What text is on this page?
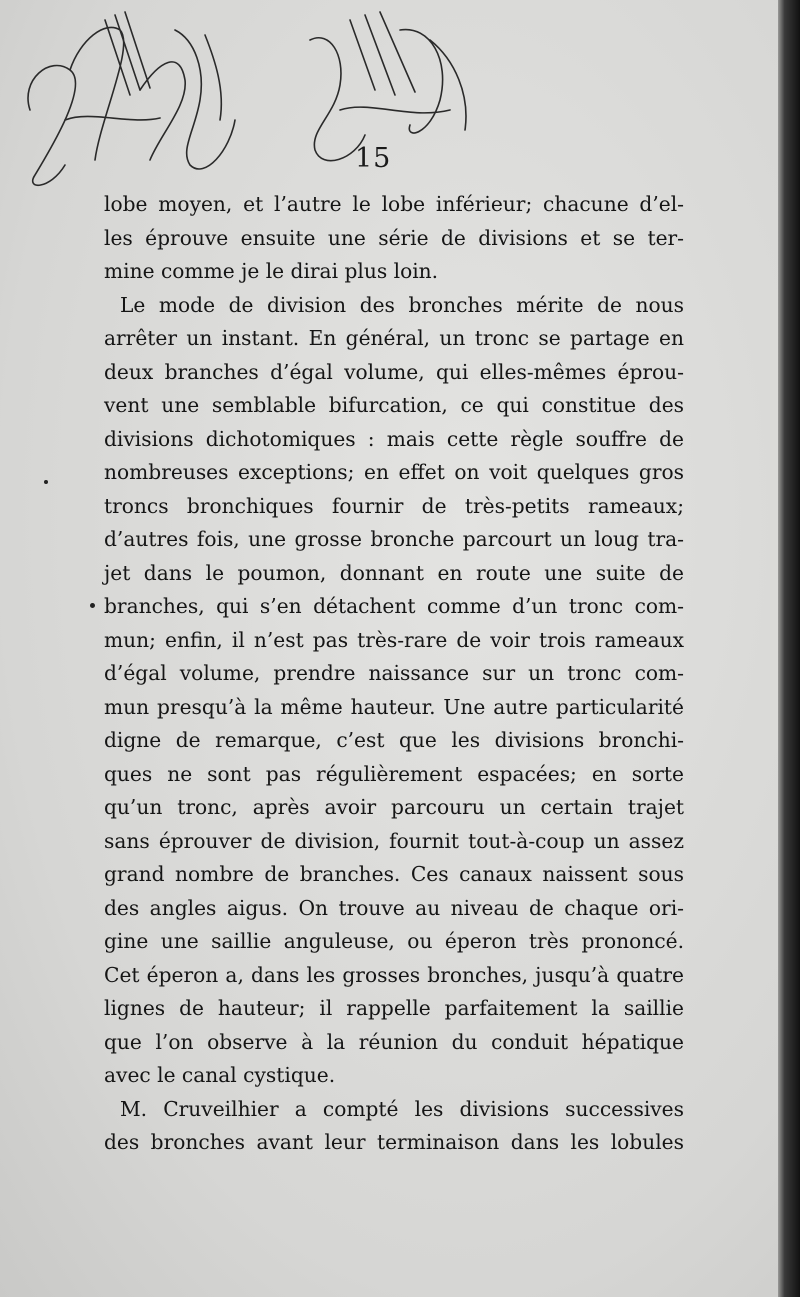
15
lobe moyen, et l’autre le lobe inférieur; chacune d’el-
les éprouve ensuite une série de divisions et se ter-
mine comme je le dirai plus loin.
Le mode de division des bronches mérite de nous
arrêter un instant. En général, un tronc se partage en
deux branches d’égal volume, qui elles-mêmes éprou-
vent une semblable bifurcation, ce qui constitue des
divisions dichotomiques : mais cette règle souffre de
nombreuses exceptions; en effet on voit quelques gros
troncs bronchiques fournir de très-petits rameaux;
d’autres fois, une grosse bronche parcourt un loug tra-
jet dans le poumon, donnant en route une suite de
branches, qui s’en détachent comme d’un tronc com-
mun; enfin, il n’est pas très-rare de voir trois rameaux
d’égal volume, prendre naissance sur un tronc com-
mun presqu’à la même hauteur. Une autre particularité
digne de remarque, c’est que les divisions bronchi-
ques ne sont pas régulièrement espacées; en sorte
qu’un tronc, après avoir parcouru un certain trajet
sans éprouver de division, fournit tout-à-coup un assez
grand nombre de branches. Ces canaux naissent sous
des angles aigus. On trouve au niveau de chaque ori-
gine une saillie anguleuse, ou éperon très prononcé.
Cet éperon a, dans les grosses bronches, jusqu’à quatre
lignes de hauteur; il rappelle parfaitement la saillie
que l’on observe à la réunion du conduit hépatique
avec le canal cystique.
M. Cruveilhier a compté les divisions successives
des bronches avant leur terminaison dans les lobules
